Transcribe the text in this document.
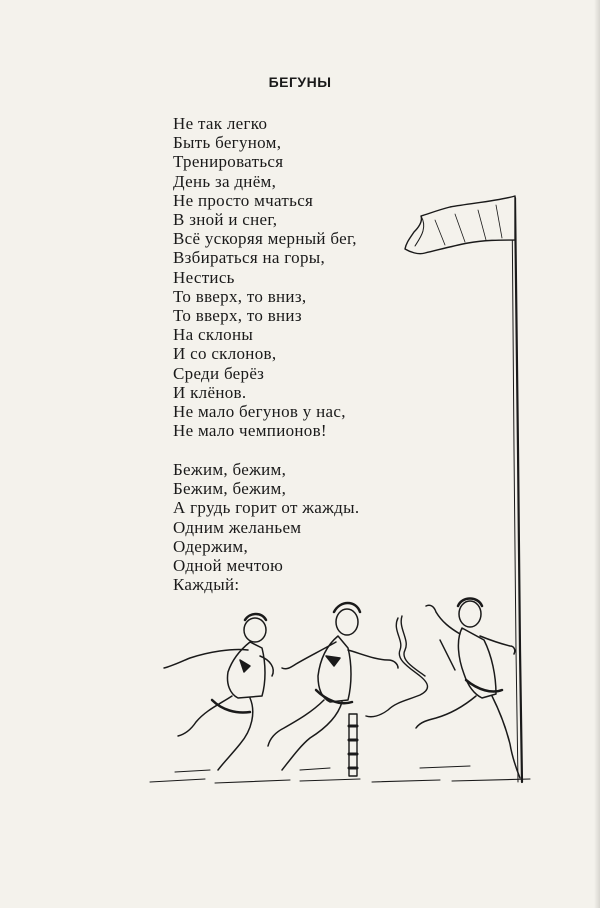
БЕГУНЫ
Не так легко
Быть бегуном,
Тренироваться
День за днём,
Не просто мчаться
В зной и снег,
Всё ускоряя мерный бег,
Взбираться на горы,
Нестись
То вверх, то вниз,
То вверх, то вниз
На склоны
И со склонов,
Среди берёз
И клёнов.
Не мало бегунов у нас,
Не мало чемпионов!
Бежим, бежим,
Бежим, бежим,
А грудь горит от жажды.
Одним желаньем
Одержим,
Одной мечтою
Каждый:
